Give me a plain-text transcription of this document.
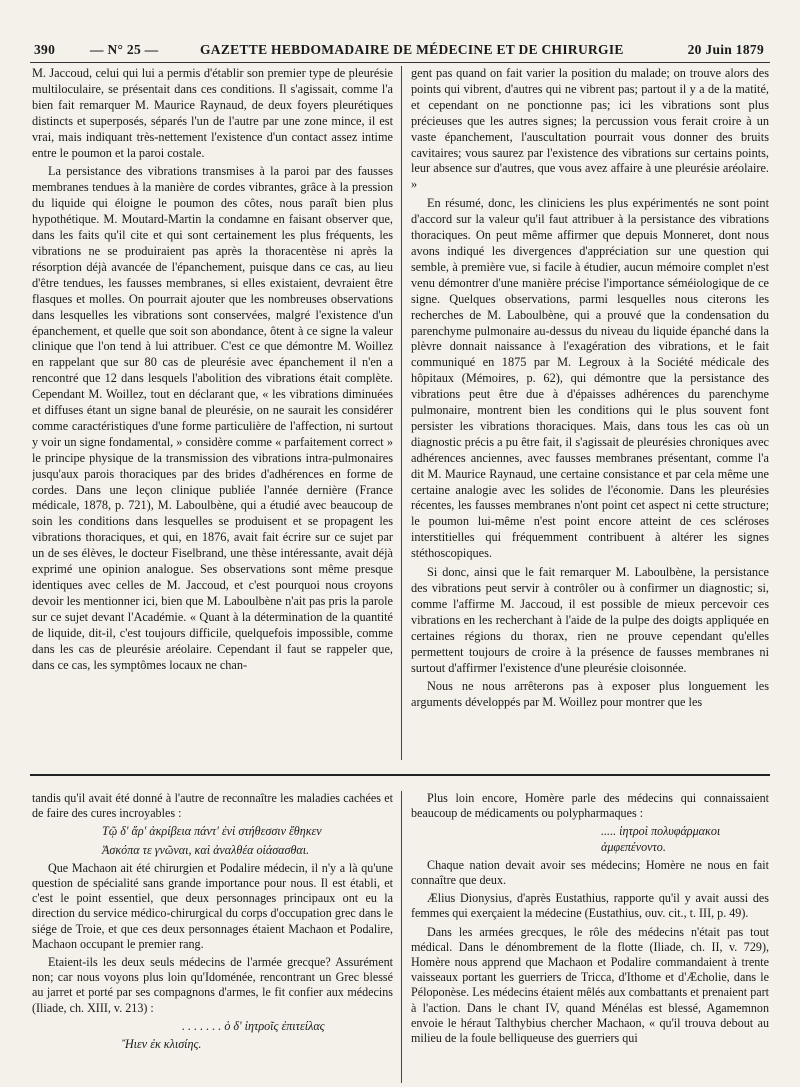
390	— N° 25 —	GAZETTE HEBDOMADAIRE DE MÉDECINE ET DE CHIRURGIE	20 Juin 1879

M. Jaccoud, celui qui lui a permis d'établir son premier type de pleurésie multiloculaire, se présentait dans ces conditions. Il s'agissait, comme l'a bien fait remarquer M. Maurice Raynaud, de deux foyers pleurétiques distincts et superposés, séparés l'un de l'autre par une zone mince, il est vrai, mais indiquant très-nettement l'existence d'un contact assez intime entre le poumon et la paroi costale.

La persistance des vibrations transmises à la paroi par des fausses membranes tendues à la manière de cordes vibrantes, grâce à la pression du liquide qui éloigne le poumon des côtes, nous paraît bien plus hypothétique. M. Moutard-Martin la condamne en faisant observer que, dans les faits qu'il cite et qui sont certainement les plus fréquents, les vibrations ne se produiraient pas après la thoracentèse ni après la résorption déjà avancée de l'épanchement, puisque dans ce cas, au lieu d'être tendues, les fausses membranes, si elles existaient, devraient être flasques et molles. On pourrait ajouter que les nombreuses observations dans lesquelles les vibrations sont conservées, malgré l'existence d'un épanchement, et quelle que soit son abondance, ôtent à ce signe la valeur clinique que l'on tend à lui attribuer. C'est ce que démontre M. Woillez en rappelant que sur 80 cas de pleurésie avec épanchement il n'en a rencontré que 12 dans lesquels l'abolition des vibrations était complète. Cependant M. Woillez, tout en déclarant que, « les vibrations diminuées et diffuses étant un signe banal de pleurésie, on ne saurait les considérer comme caractéristiques d'une forme particulière de l'affection, ni surtout y voir un signe fondamental, » considère comme « parfaitement correct » le principe physique de la transmission des vibrations intra-pulmonaires jusqu'aux parois thoraciques par des brides d'adhérences en forme de cordes. Dans une leçon clinique publiée l'année dernière (France médicale, 1878, p. 721), M. Laboulbène, qui a étudié avec beaucoup de soin les conditions dans lesquelles se produisent et se propagent les vibrations thoraciques, et qui, en 1876, avait fait écrire sur ce sujet par un de ses élèves, le docteur Fiselbrand, une thèse intéressante, avait déjà exprimé une opinion analogue. Ses observations sont même presque identiques avec celles de M. Jaccoud, et c'est pourquoi nous croyons devoir les mentionner ici, bien que M. Laboulbène n'ait pas pris la parole sur ce sujet devant l'Académie. « Quant à la détermination de la quantité de liquide, dit-il, c'est toujours difficile, quelquefois impossible, comme dans les cas de pleurésie aréolaire. Cependant il faut se rappeler que, dans ce cas, les symptômes locaux ne chan-

gent pas quand on fait varier la position du malade; on trouve alors des points qui vibrent, d'autres qui ne vibrent pas; partout il y a de la matité, et cependant on ne ponctionne pas; ici les vibrations sont plus précieuses que les autres signes; la percussion vous ferait croire à un vaste épanchement, l'auscultation pourrait vous donner des bruits cavitaires; vous saurez par l'existence des vibrations sur certains points, leur absence sur d'autres, que vous avez affaire à une pleurésie aréolaire. »

En résumé, donc, les cliniciens les plus expérimentés ne sont point d'accord sur la valeur qu'il faut attribuer à la persistance des vibrations thoraciques. On peut même affirmer que depuis Monneret, dont nous avons indiqué les divergences d'appréciation sur une question qui semble, à première vue, si facile à étudier, aucun mémoire complet n'est venu démontrer d'une manière précise l'importance séméiologique de ce signe. Quelques observations, parmi lesquelles nous citerons les recherches de M. Laboulbène, qui a prouvé que la condensation du parenchyme pulmonaire au-dessus du niveau du liquide épanché dans la plèvre donnait naissance à l'exagération des vibrations, et le fait communiqué en 1875 par M. Legroux à la Société médicale des hôpitaux (Mémoires, p. 62), qui démontre que la persistance des vibrations peut être due à d'épaisses adhérences du parenchyme pulmonaire, montrent bien les conditions qui le plus souvent font persister les vibrations thoraciques. Mais, dans tous les cas où un diagnostic précis a pu être fait, il s'agissait de pleurésies chroniques avec adhérences anciennes, avec fausses membranes présentant, comme l'a dit M. Maurice Raynaud, une certaine consistance et par cela même une certaine analogie avec les solides de l'économie. Dans les pleurésies récentes, les fausses membranes n'ont point cet aspect ni cette structure; le poumon lui-même n'est point encore atteint de ces scléroses interstitielles qui fréquemment contribuent à altérer les signes stéthoscopiques.

Si donc, ainsi que le fait remarquer M. Laboulbène, la persistance des vibrations peut servir à contrôler ou à confirmer un diagnostic; si, comme l'affirme M. Jaccoud, il est possible de mieux percevoir ces vibrations en les recherchant à l'aide de la pulpe des doigts appliquée en certaines régions du thorax, rien ne prouve cependant qu'elles permettent toujours de croire à la présence de fausses membranes ni surtout d'affirmer l'existence d'une pleurésie cloisonnée.

Nous ne nous arrêterons pas à exposer plus longuement les arguments développés par M. Woillez pour montrer que les

tandis qu'il avait été donné à l'autre de reconnaître les maladies cachées et de faire des cures incroyables :

Τῷ δ' ἄρ' ἀκρίβεια πάντ' ἐνὶ στήθεσσιν ἔθηκεν

Ἀσκόπα τε γνῶναι, καὶ ἀναλθέα οἰάσασθαι.

Que Machaon ait été chirurgien et Podalire médecin, il n'y a là qu'une question de spécialité sans grande importance pour nous. Il est établi, et c'est le point essentiel, que deux personnages principaux ont eu la direction du service médico-chirurgical du corps d'occupation grec dans le siége de Troie, et que ces deux personnages étaient Machaon et Podalire, Machaon occupant le premier rang.

Etaient-ils les deux seuls médecins de l'armée grecque? Assurément non; car nous voyons plus loin qu'Idoménée, rencontrant un Grec blessé au jarret et porté par ses compagnons d'armes, le fit confier aux médecins (Iliade, ch. XIII, v. 213) :

. . . . . . . ὁ δ' ἰητροῖς ἐπιτείλας

Ἤιεν ἐκ κλισίης.

Plus loin encore, Homère parle des médecins qui connaissaient beaucoup de médicaments ou polypharmaques :

..... ἰητροὶ πολυφάρμακοι ἀμφεπένοντο.

Chaque nation devait avoir ses médecins; Homère ne nous en fait connaître que deux.

Ælius Dionysius, d'après Eustathius, rapporte qu'il y avait aussi des femmes qui exerçaient la médecine (Eustathius, ouv. cit., t. III, p. 49).

Dans les armées grecques, le rôle des médecins n'était pas tout médical. Dans le dénombrement de la flotte (Iliade, ch. II, v. 729), Homère nous apprend que Machaon et Podalire commandaient à trente vaisseaux portant les guerriers de Tricca, d'Ithome et d'Æcholie, dans le Péloponèse. Les médecins étaient mêlés aux combattants et prenaient part à l'action. Dans le chant IV, quand Ménélas est blessé, Agamemnon envoie le héraut Talthybius chercher Machaon, « qu'il trouva debout au milieu de la foule belliqueuse des guerriers qui
